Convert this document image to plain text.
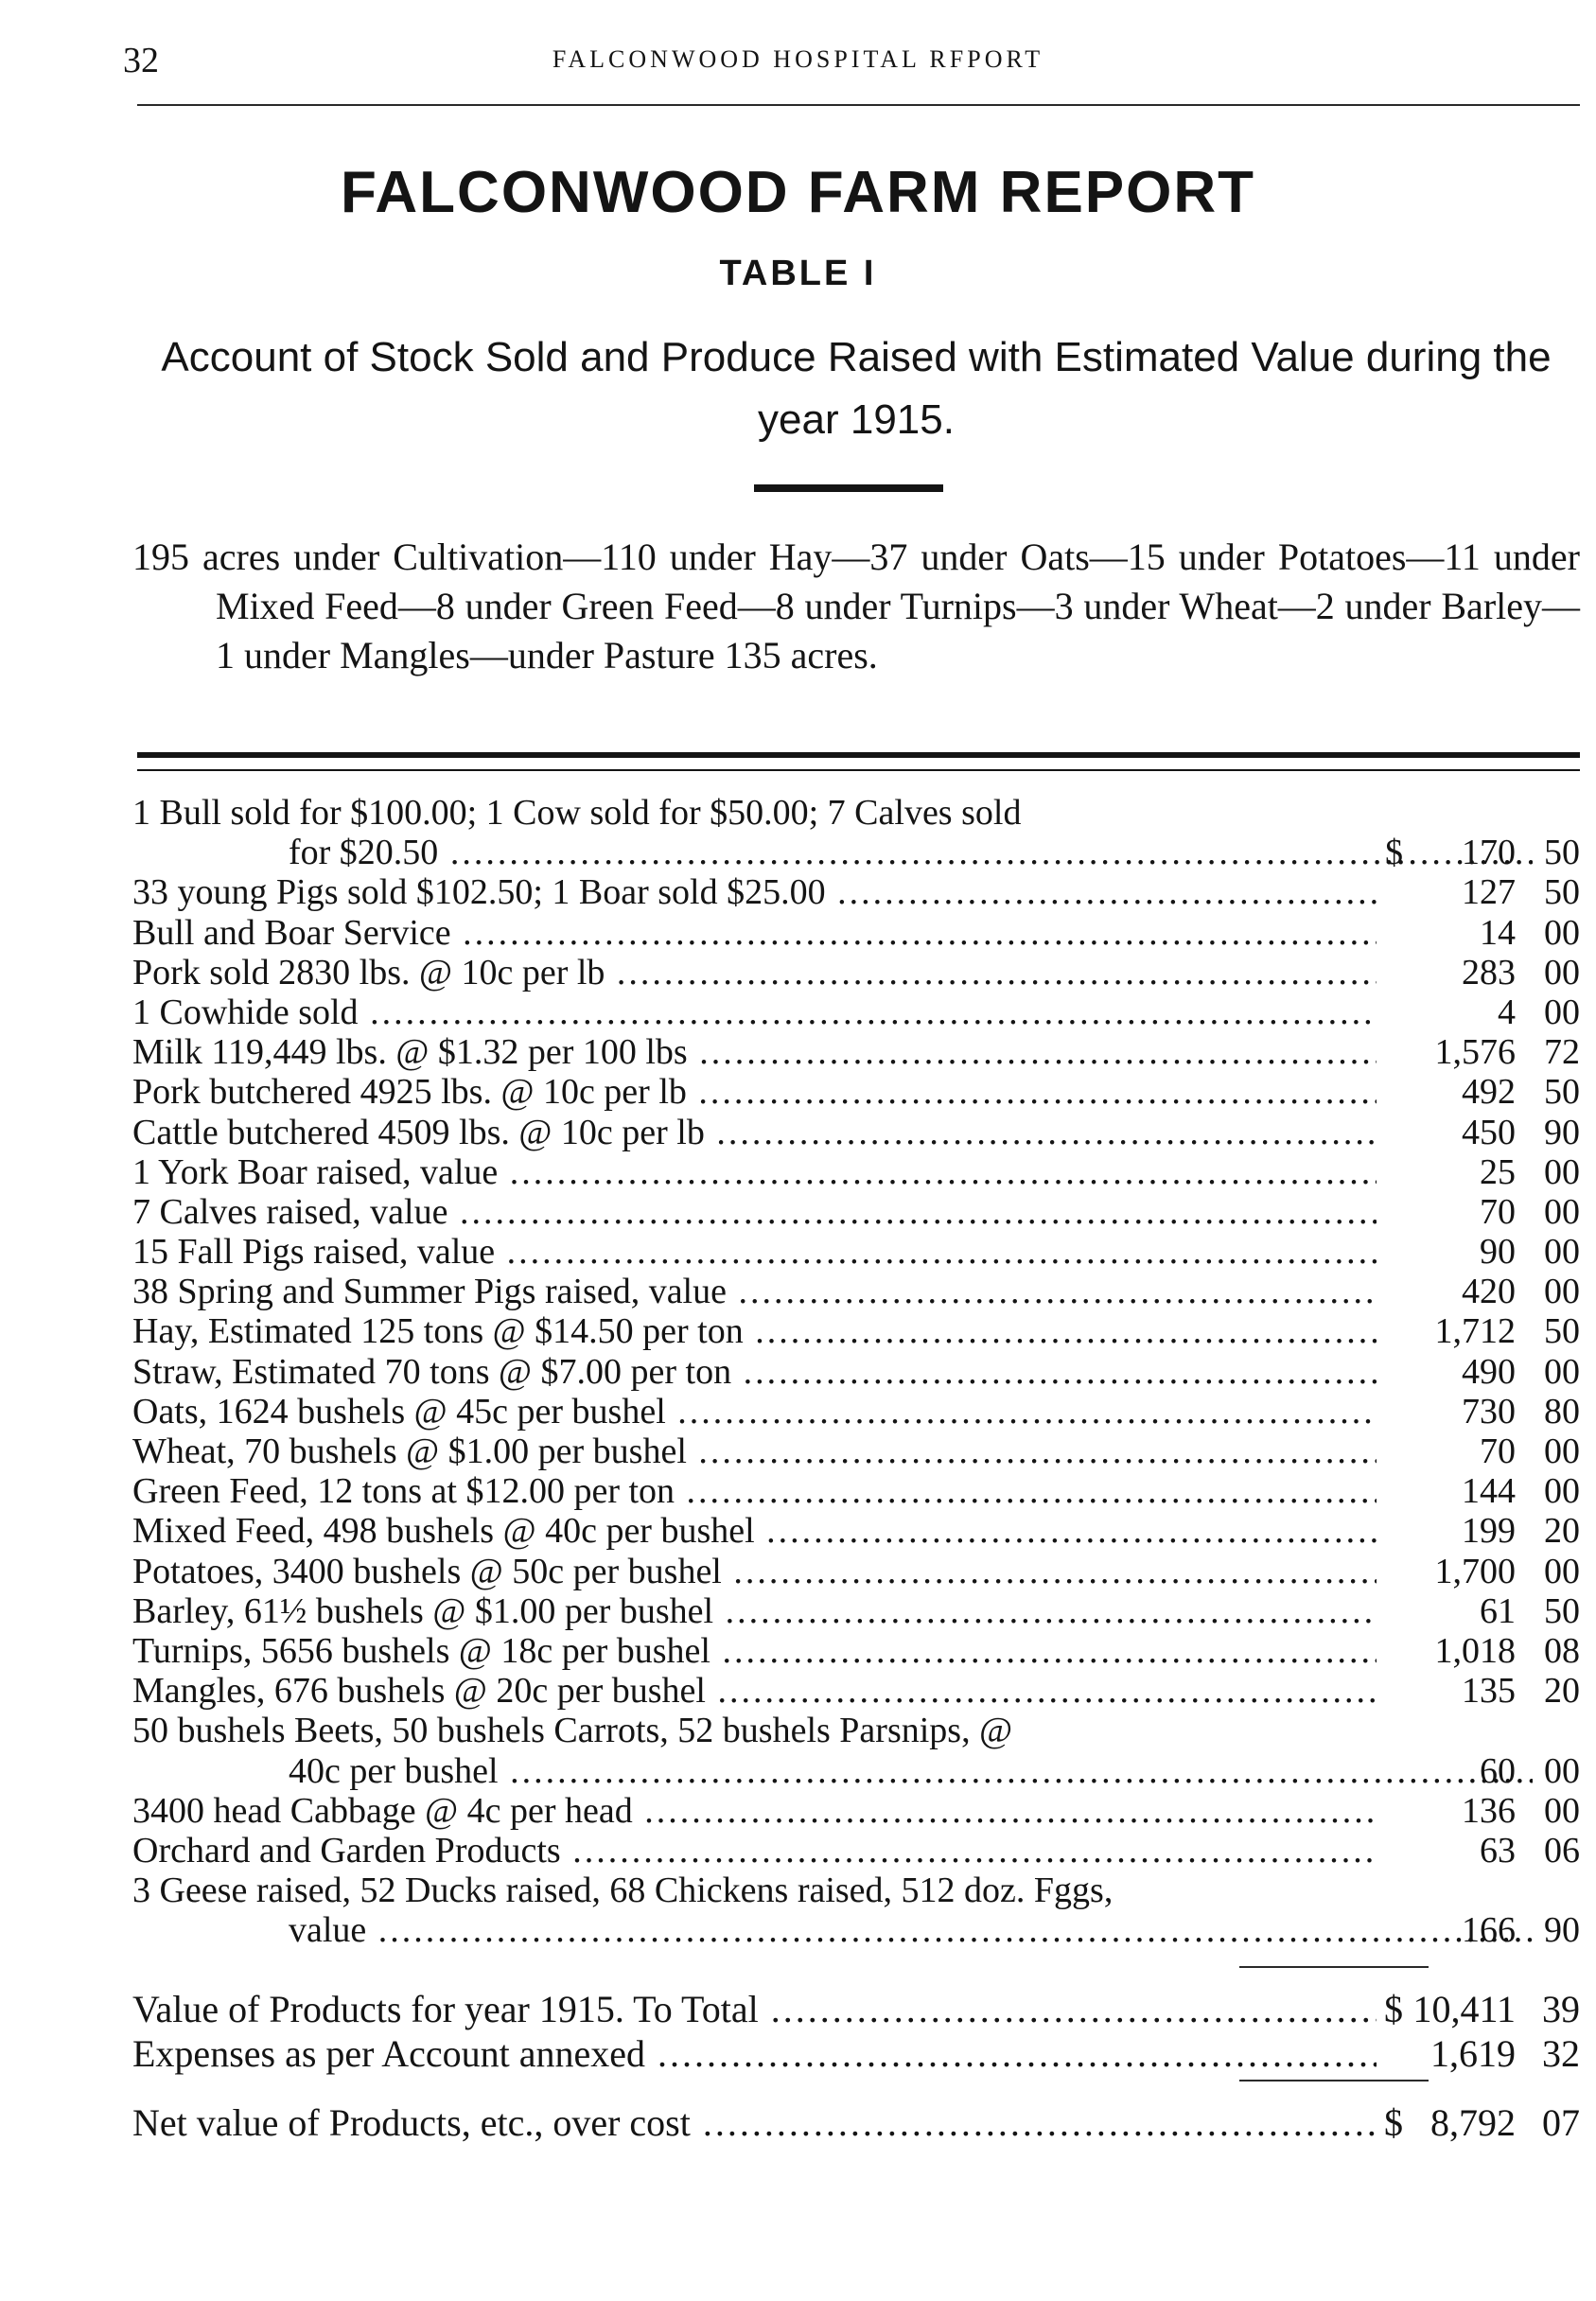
32	FALCONWOOD HOSPITAL RFPORT
FALCONWOOD FARM REPORT
TABLE I
Account of Stock Sold and Produce Raised with Estimated Value during the year 1915.
195 acres under Cultivation—110 under Hay—37 under Oats—15 under Potatoes—11 under Mixed Feed—8 under Green Feed—8 under Turnips—3 under Wheat—2 under Barley—1 under Mangles—under Pasture 135 acres.
1 Bull sold for $100.00; 1 Cow sold for $50.00; 7 Calves sold
for $20.50 .....	$ 170 50
33 young Pigs sold $102.50; 1 Boar sold $25.00 .....	127 50
Bull and Boar Service .....	14 00
Pork sold 2830 lbs. @ 10c per lb .....	283 00
1 Cowhide sold .....	4 00
Milk 119,449 lbs. @ $1.32 per 100 lbs .....	1,576 72
Pork butchered 4925 lbs. @ 10c per lb .....	492 50
Cattle butchered 4509 lbs. @ 10c per lb .....	450 90
1 York Boar raised, value .....	25 00
7 Calves raised, value .....	70 00
15 Fall Pigs raised, value .....	90 00
38 Spring and Summer Pigs raised, value .....	420 00
Hay, Estimated 125 tons @ $14.50 per ton .....	1,712 50
Straw, Estimated 70 tons @ $7.00 per ton .....	490 00
Oats, 1624 bushels @ 45c per bushel .....	730 80
Wheat, 70 bushels @ $1.00 per bushel .....	70 00
Green Feed, 12 tons at $12.00 per ton .....	144 00
Mixed Feed, 498 bushels @ 40c per bushel .....	199 20
Potatoes, 3400 bushels @ 50c per bushel .....	1,700 00
Barley, 61½ bushels @ $1.00 per bushel .....	61 50
Turnips, 5656 bushels @ 18c per bushel .....	1,018 08
Mangles, 676 bushels @ 20c per bushel .....	135 20
50 bushels Beets, 50 bushels Carrots, 52 bushels Parsnips, @
40c per bushel .....	60 00
3400 head Cabbage @ 4c per head .....	136 00
Orchard and Garden Products .....	63 06
3 Geese raised, 52 Ducks raised, 68 Chickens raised, 512 doz. Fggs,
value .....	166 90
Value of Products for year 1915. To Total .....	$ 10,411 39
Expenses as per Account annexed .....	1,619 32
Net value of Products, etc., over cost .....	$ 8,792 07
